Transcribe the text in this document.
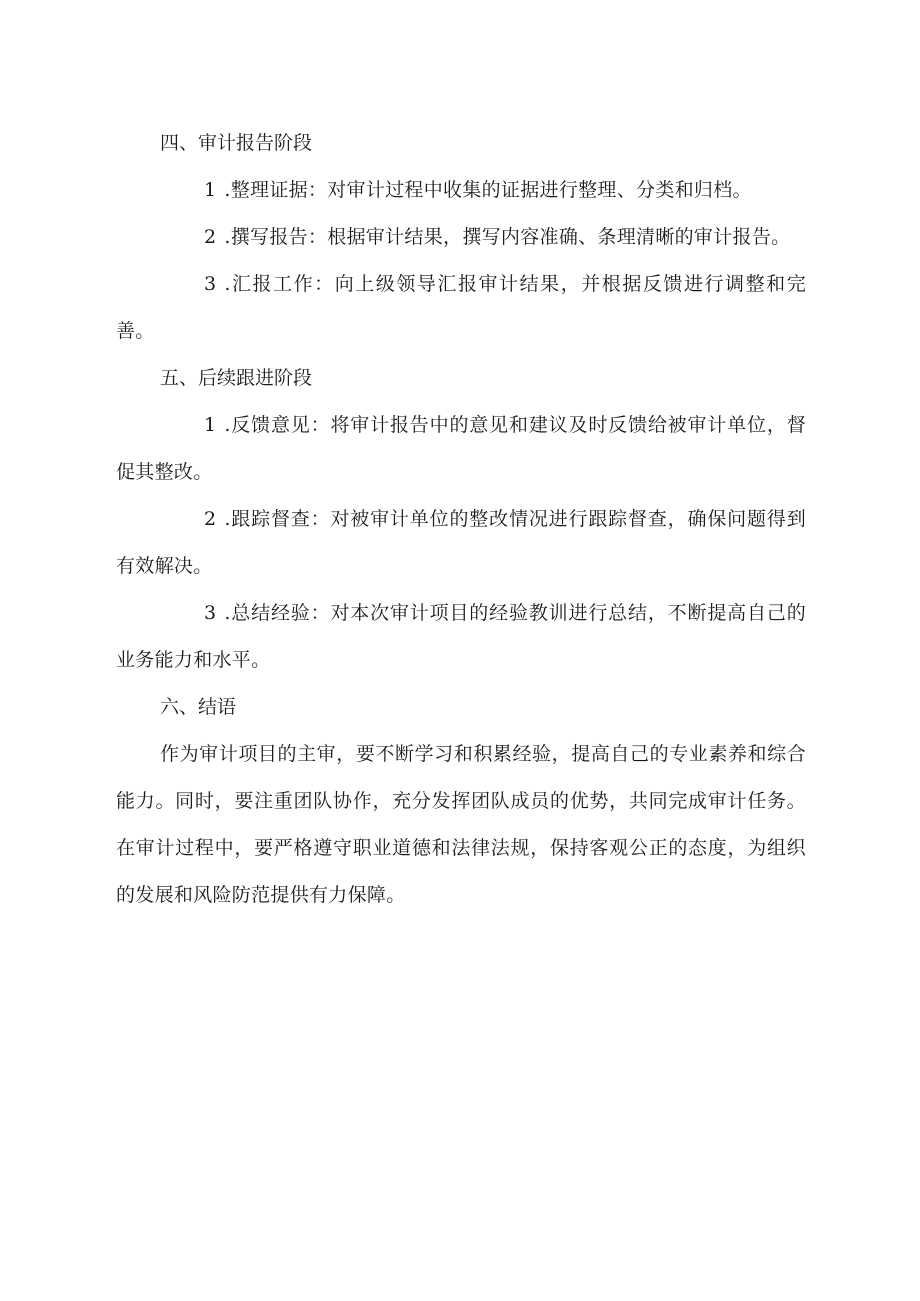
四、审计报告阶段

1 .整理证据：对审计过程中收集的证据进行整理、分类和归档。

2 .撰写报告：根据审计结果，撰写内容准确、条理清晰的审计报告。

3 .汇报工作：向上级领导汇报审计结果，并根据反馈进行调整和完善。

五、后续跟进阶段

1 .反馈意见：将审计报告中的意见和建议及时反馈给被审计单位，督促其整改。

2 .跟踪督查：对被审计单位的整改情况进行跟踪督查，确保问题得到有效解决。

3 .总结经验：对本次审计项目的经验教训进行总结，不断提高自己的业务能力和水平。

六、结语

作为审计项目的主审，要不断学习和积累经验，提高自己的专业素养和综合能力。同时，要注重团队协作，充分发挥团队成员的优势，共同完成审计任务。在审计过程中，要严格遵守职业道德和法律法规，保持客观公正的态度，为组织的发展和风险防范提供有力保障。
